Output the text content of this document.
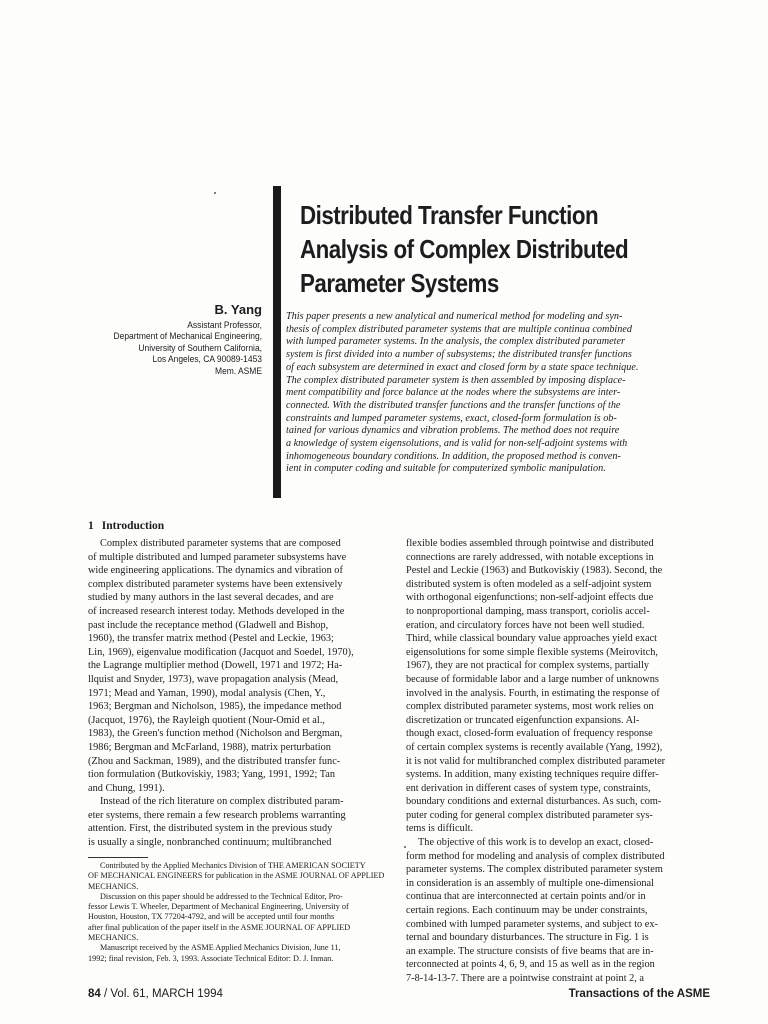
Distributed Transfer Function
Analysis of Complex Distributed
Parameter Systems
B. Yang
Assistant Professor,
Department of Mechanical Engineering,
University of Southern California,
Los Angeles, CA 90089-1453
Mem. ASME
This paper presents a new analytical and numerical method for modeling and syn-
thesis of complex distributed parameter systems that are multiple continua combined
with lumped parameter systems. In the analysis, the complex distributed parameter
system is first divided into a number of subsystems; the distributed transfer functions
of each subsystem are determined in exact and closed form by a state space technique.
The complex distributed parameter system is then assembled by imposing displace-
ment compatibility and force balance at the nodes where the subsystems are inter-
connected. With the distributed transfer functions and the transfer functions of the
constraints and lumped parameter systems, exact, closed-form formulation is ob-
tained for various dynamics and vibration problems. The method does not require
a knowledge of system eigensolutions, and is valid for non-self-adjoint systems with
inhomogeneous boundary conditions. In addition, the proposed method is conven-
ient in computer coding and suitable for computerized symbolic manipulation.
1 Introduction
Complex distributed parameter systems that are composed
of multiple distributed and lumped parameter subsystems have
wide engineering applications. The dynamics and vibration of
complex distributed parameter systems have been extensively
studied by many authors in the last several decades, and are
of increased research interest today. Methods developed in the
past include the receptance method (Gladwell and Bishop,
1960), the transfer matrix method (Pestel and Leckie, 1963;
Lin, 1969), eigenvalue modification (Jacquot and Soedel, 1970),
the Lagrange multiplier method (Dowell, 1971 and 1972; Ha-
llquist and Snyder, 1973), wave propagation analysis (Mead,
1971; Mead and Yaman, 1990), modal analysis (Chen, Y.,
1963; Bergman and Nicholson, 1985), the impedance method
(Jacquot, 1976), the Rayleigh quotient (Nour-Omid et al.,
1983), the Green's function method (Nicholson and Bergman,
1986; Bergman and McFarland, 1988), matrix perturbation
(Zhou and Sackman, 1989), and the distributed transfer func-
tion formulation (Butkoviskiy, 1983; Yang, 1991, 1992; Tan
and Chung, 1991).
Instead of the rich literature on complex distributed param-
eter systems, there remain a few research problems warranting
attention. First, the distributed system in the previous study
is usually a single, nonbranched continuum; multibranched
flexible bodies assembled through pointwise and distributed
connections are rarely addressed, with notable exceptions in
Pestel and Leckie (1963) and Butkoviskiy (1983). Second, the
distributed system is often modeled as a self-adjoint system
with orthogonal eigenfunctions; non-self-adjoint effects due
to nonproportional damping, mass transport, coriolis accel-
eration, and circulatory forces have not been well studied.
Third, while classical boundary value approaches yield exact
eigensolutions for some simple flexible systems (Meirovitch,
1967), they are not practical for complex systems, partially
because of formidable labor and a large number of unknowns
involved in the analysis. Fourth, in estimating the response of
complex distributed parameter systems, most work relies on
discretization or truncated eigenfunction expansions. Al-
though exact, closed-form evaluation of frequency response
of certain complex systems is recently available (Yang, 1992),
it is not valid for multibranched complex distributed parameter
systems. In addition, many existing techniques require differ-
ent derivation in different cases of system type, constraints,
boundary conditions and external disturbances. As such, com-
puter coding for general complex distributed parameter sys-
tems is difficult.
The objective of this work is to develop an exact, closed-
form method for modeling and analysis of complex distributed
parameter systems. The complex distributed parameter system
in consideration is an assembly of multiple one-dimensional
continua that are interconnected at certain points and/or in
certain regions. Each continuum may be under constraints,
combined with lumped parameter systems, and subject to ex-
ternal and boundary disturbances. The structure in Fig. 1 is
an example. The structure consists of five beams that are in-
terconnected at points 4, 6, 9, and 15 as well as in the region
7-8-14-13-7. There are a pointwise constraint at point 2, a
Contributed by the Applied Mechanics Division of THE AMERICAN SOCIETY
OF MECHANICAL ENGINEERS for publication in the ASME JOURNAL OF APPLIED
MECHANICS.
Discussion on this paper should be addressed to the Technical Editor, Pro-
fessor Lewis T. Wheeler, Department of Mechanical Engineering, University of
Houston, Houston, TX 77204-4792, and will be accepted until four months
after final publication of the paper itself in the ASME JOURNAL OF APPLIED
MECHANICS.
Manuscript received by the ASME Applied Mechanics Division, June 11,
1992; final revision, Feb. 3, 1993. Associate Technical Editor: D. J. Inman.
84 / Vol. 61, MARCH 1994	Transactions of the ASME
